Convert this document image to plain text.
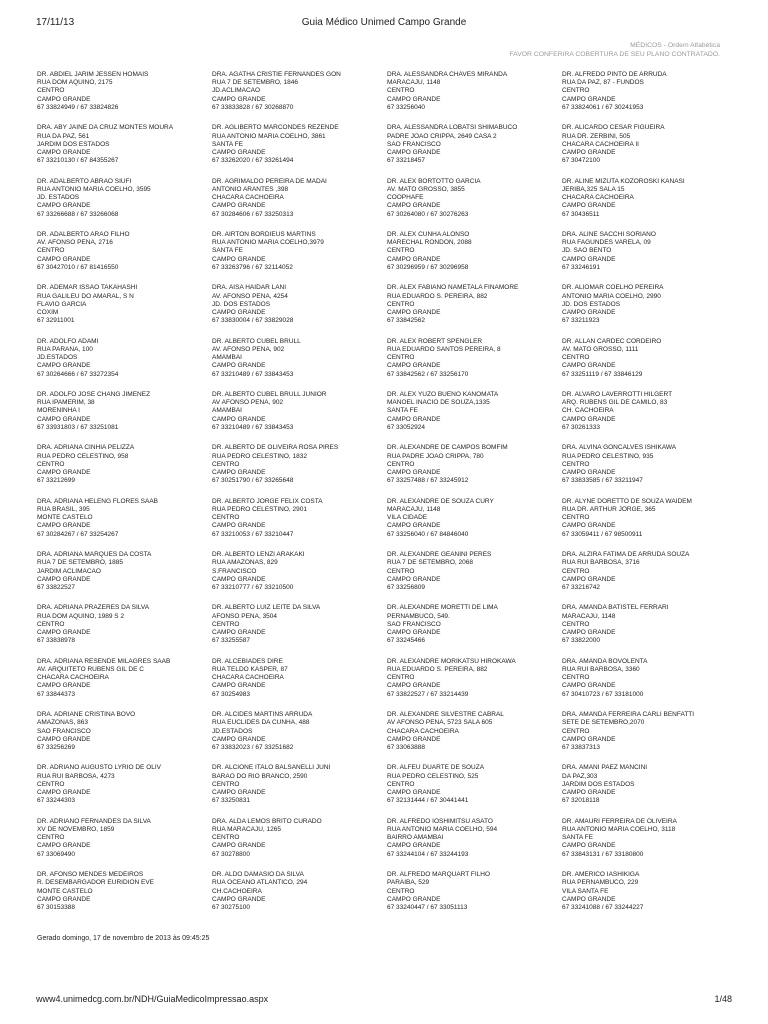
17/11/13	Guia Médico Unimed Campo Grande
MÉDICOS - Ordem Alfabética
FAVOR CONFERIRA COBERTURA DE SEU PLANO CONTRATADO.
DR. ABDIEL JARIM JESSEN HOMAIS
RUA DOM AQUINO, 2175
CENTRO
CAMPO GRANDE
67 33824949 / 67 33824826
DRA. AGATHA CRISTIE FERNANDES GON
RUA 7 DE SETEMBRO, 1846
JD.ACLIMACAO
CAMPO GRANDE
67 33833828 / 67 30268870
DRA. ALESSANDRA CHAVES MIRANDA
MARACAJU, 1148
CENTRO
CAMPO GRANDE
67 33256040
DR. ALFREDO PINTO DE ARRUDA
RUA DA PAZ, 87 - FUNDOS
CENTRO
CAMPO GRANDE
67 33824061 / 67 30241953
DRA. ABY JAINE DA CRUZ MONTES MOURA
RUA DA PAZ, 561
JARDIM DOS ESTADOS
CAMPO GRANDE
67 33210130 / 67 84355267
DR. AGLIBERTO MARCONDES REZENDE
RUA ANTONIO MARIA COELHO, 3861
SANTA FE
CAMPO GRANDE
67 33262020 / 67 33261494
DRA. ALESSANDRA LOBATSI SHIMABUCO
PADRE JOAO CRIPPA, 2649 CASA 2
SAO FRANCISCO
CAMPO GRANDE
67 33218457
DR. ALICARDO CESAR FIGUEIRA
RUA DR. ZERBINI, 505
CHACARA CACHOEIRA II
CAMPO GRANDE
67 30472100
DR. ADALBERTO ABRAO SIUFI
RUA ANTONIO MARIA COELHO, 3595
JD. ESTADOS
CAMPO GRANDE
67 33266688 / 67 33266068
DR. AGRIMALDO PEREIRA DE MADAI
ANTONIO ARANTES ,398
CHACARA CACHOEIRA
CAMPO GRANDE
67 30284606 / 67 33250313
DR. ALEX BORTOTTO GARCIA
AV. MATO GROSSO, 3855
COOPHAFE
CAMPO GRANDE
67 30264080 / 67 30276263
DR. ALINE MIZUTA KOZOROSKI KANASI
JERIBA,325 SALA 15
CHACARA CACHOEIRA
CAMPO GRANDE
67 30436511
DR. ADALBERTO ARAO FILHO
AV. AFONSO PENA, 2716
CENTRO
CAMPO GRANDE
67 30427010 / 67 81416550
DR. AIRTON BORDIEUS MARTINS
RUA ANTONIO MARIA COELHO,3979
SANTA FE
CAMPO GRANDE
67 33263796 / 67 32114052
DR. ALEX CUNHA ALONSO
MARECHAL RONDON, 2088
CENTRO
CAMPO GRANDE
67 30296959 / 67 30296958
DRA. ALINE SACCHI SORIANO
RUA FAGUNDES VARELA, 09
JD. SAO BENTO
CAMPO GRANDE
67 33246191
DR. ADEMAR ISSAO TAKAHASHI
RUA GALILEU DO AMARAL, S N
FLAVIO GARCIA
COXIM
67 32911001
DRA. AISA HAIDAR LANI
AV. AFONSO PENA, 4254
JD. DOS ESTADOS
CAMPO GRANDE
67 33830004 / 67 33829028
DR. ALEX FABIANO NAMETALA FINAMORE
RUA EDUARDO S. PEREIRA, 882
CENTRO
CAMPO GRANDE
67 33842562
DR. ALIOMAR COELHO PEREIRA
ANTONIO MARIA COELHO, 2990
JD. DOS ESTADOS
CAMPO GRANDE
67 33211923
DR. ADOLFO ADAMI
RUA PARANA, 100
JD.ESTADOS
CAMPO GRANDE
67 30264666 / 67 33272354
DR. ALBERTO CUBEL BRULL
AV. AFONSO PENA, 902
AMAMBAI
CAMPO GRANDE
67 33210489 / 67 33843453
DR. ALEX ROBERT SPENGLER
RUA EDUARDO SANTOS PEREIRA, 8
CENTRO
CAMPO GRANDE
67 33842562 / 67 33256170
DR. ALLAN CARDEC CORDEIRO
AV. MATO GROSSO, 1111
CENTRO
CAMPO GRANDE
67 33251119 / 67 33846129
DR. ADOLFO JOSE CHANG JIMENEZ
RUA IPAMERIM, 38
MORENINHA I
CAMPO GRANDE
67 33931803 / 67 33251081
DR. ALBERTO CUBEL BRULL JUNIOR
AV AFONSO PENA, 902
AMAMBAI
CAMPO GRANDE
67 33210489 / 67 33843453
DR. ALEX YUZO BUENO KANOMATA
MANOEL INACIO DE SOUZA,1335
SANTA FE
CAMPO GRANDE
67 33052924
DR. ALVARO LAVERROTTI HILGERT
ARQ. RUBENS GIL DE CAMILO, 83
CH. CACHOEIRA
CAMPO GRANDE
67 30261333
DRA. ADRIANA CINHIA PELIZZA
RUA PEDRO CELESTINO, 958
CENTRO
CAMPO GRANDE
67 33212699
DR. ALBERTO DE OLIVEIRA ROSA PIRES
RUA PEDRO CELESTINO, 1832
CENTRO
CAMPO GRANDE
67 30251790 / 67 33265648
DR. ALEXANDRE DE CAMPOS BOMFIM
RUA PADRE JOAO CRIPPA, 780
CENTRO
CAMPO GRANDE
67 33257488 / 67 33245912
DRA. ALVINA GONCALVES ISHIKAWA
RUA PEDRO CELESTINO, 935
CENTRO
CAMPO GRANDE
67 33833585 / 67 33211947
DRA. ADRIANA HELENG FLORES SAAB
RUA BRASIL, 395
MONTE CASTELO
CAMPO GRANDE
67 30284267 / 67 33254267
DR. ALBERTO JORGE FELIX COSTA
RUA PEDRO CELESTINO, 2901
CENTRO
CAMPO GRANDE
67 33210053 / 67 33210447
DR. ALEXANDRE DE SOUZA CURY
MARACAJU, 1148
VILA CIDADE
CAMPO GRANDE
67 33256040 / 67 84846040
DR. ALYNE DORETTO DE SOUZA WAIDEM
RUA DR. ARTHUR JORGE, 365
CENTRO
CAMPO GRANDE
67 33059411 / 67 98500911
DRA. ADRIANA MARQUES DA COSTA
RUA 7 DE SETEMBRO, 1885
JARDIM ACLIMACAO
CAMPO GRANDE
67 33822527
DR. ALBERTO LENZI ARAKAKI
RUA AMAZONAS, 829
S.FRANCISCO
CAMPO GRANDE
67 33210777 / 67 33210500
DR. ALEXANDRE GEANINI PERES
RUA 7 DE SETEMBRO, 2068
CENTRO
CAMPO GRANDE
67 33256809
DRA. ALZIRA FATIMA DE ARRUDA SOUZA
RUA RUI BARBOSA, 3716
CENTRO
CAMPO GRANDE
67 33216742
DRA. ADRIANA PRAZERES DA SILVA
RUA DOM AQUINO, 1989 S 2
CENTRO
CAMPO GRANDE
67 33838978
DR. ALBERTO LUIZ LEITE DA SILVA
AFONSO PENA, 3504
CENTRO
CAMPO GRANDE
67 33255587
DR. ALEXANDRE MORETTI DE LIMA
PERNAMBUCO, 549.
SAO FRANCISCO
CAMPO GRANDE
67 33245466
DRA. AMANDA BATISTEL FERRARI
MARACAJU, 1148
CENTRO
CAMPO GRANDE
67 33822000
DRA. ADRIANA RESENDE MILAGRES SAAB
AV. ARQUITETO RUBENS GIL DE C
CHACARA CACHOEIRA
CAMPO GRANDE
67 33844373
DR. ALCEBIADES DIRE
RUA TELDO KASPER, 87
CHACARA CACHOEIRA
CAMPO GRANDE
67 30254983
DR. ALEXANDRE MORIKATSU HIROKAWA
RUA EDUARDO S. PEREIRA, 882
CENTRO
CAMPO GRANDE
67 33822527 / 67 33214439
DRA. AMANDA BOVOLENTA
RUA RUI BARBOSA, 3360
CENTRO
CAMPO GRANDE
67 30410723 / 67 33181000
DRA. ADRIANE CRISTINA BOVO
AMAZONAS, 863
SAO FRANCISCO
CAMPO GRANDE
67 33256269
DR. ALCIDES MARTINS ARRUDA
RUA EUCLIDES DA CUNHA, 488
JD.ESTADOS
CAMPO GRANDE
67 33832023 / 67 33251682
DR. ALEXANDRE SILVESTRE CABRAL
AV AFONSO PENA, 5723 SALA 605
CHACARA CACHOEIRA
CAMPO GRANDE
67 33063888
DRA. AMANDA FERREIRA CARLI BENFATTI
SETE DE SETEMBRO,2070
CENTRO
CAMPO GRANDE
67 33837313
DR. ADRIANO AUGUSTO LYRIO DE OLIV
RUA RUI BARBOSA, 4273
CENTRO
CAMPO GRANDE
67 33244303
DR. ALCIONE ITALO BALSANELLI JUNI
BARAO DO RIO BRANCO, 2590
CENTRO
CAMPO GRANDE
67 33250831
DR. ALFEU DUARTE DE SOUZA
RUA PEDRO CELESTINO, 525
CENTRO
CAMPO GRANDE
67 32131444 / 67 30441441
DRA. AMANI PAEZ MANCINI
DA PAZ,303
JARDIM DOS ESTADOS
CAMPO GRANDE
67 32018118
DR. ADRIANO FERNANDES DA SILVA
XV DE NOVEMBRO, 1859
CENTRO
CAMPO GRANDE
67 33069490
DRA. ALDA LEMOS BRITO CURADO
RUA MARACAJU, 1265
CENTRO
CAMPO GRANDE
67 30278800
DR. ALFREDO IOSHIMITSU ASATO
RUA ANTONIO MARIA COELHO, 594
BAIRRO AMAMBAI
CAMPO GRANDE
67 33244104 / 67 33244193
DR. AMAURI FERREIRA DE OLIVEIRA
RUA ANTONIO MARIA COELHO, 3118
SANTA FE
CAMPO GRANDE
67 33843131 / 67 33180800
DR. AFONSO MENDES MEDEIROS
R. DESEMBARGADOR EURIDION EVE
MONTE CASTELO
CAMPO GRANDE
67 30153388
DR. ALDO DAMASIO DA SILVA
RUA OCEANO ATLANTICO, 294
CH.CACHOEIRA
CAMPO GRANDE
67 30275100
DR. ALFREDO MARQUART FILHO
PARAIBA, 529
CENTRO
CAMPO GRANDE
67 33240447 / 67 33051113
DR. AMERICO IASHIKIGA
RUA PERNAMBUCO, 229
VILA SANTA FE
CAMPO GRANDE
67 33241088 / 67 33244227
Gerado domingo, 17 de novembro de 2013 às 09:45:25
www4.unimedcg.com.br/NDH/GuiaMedicoImpressao.aspx	1/48
